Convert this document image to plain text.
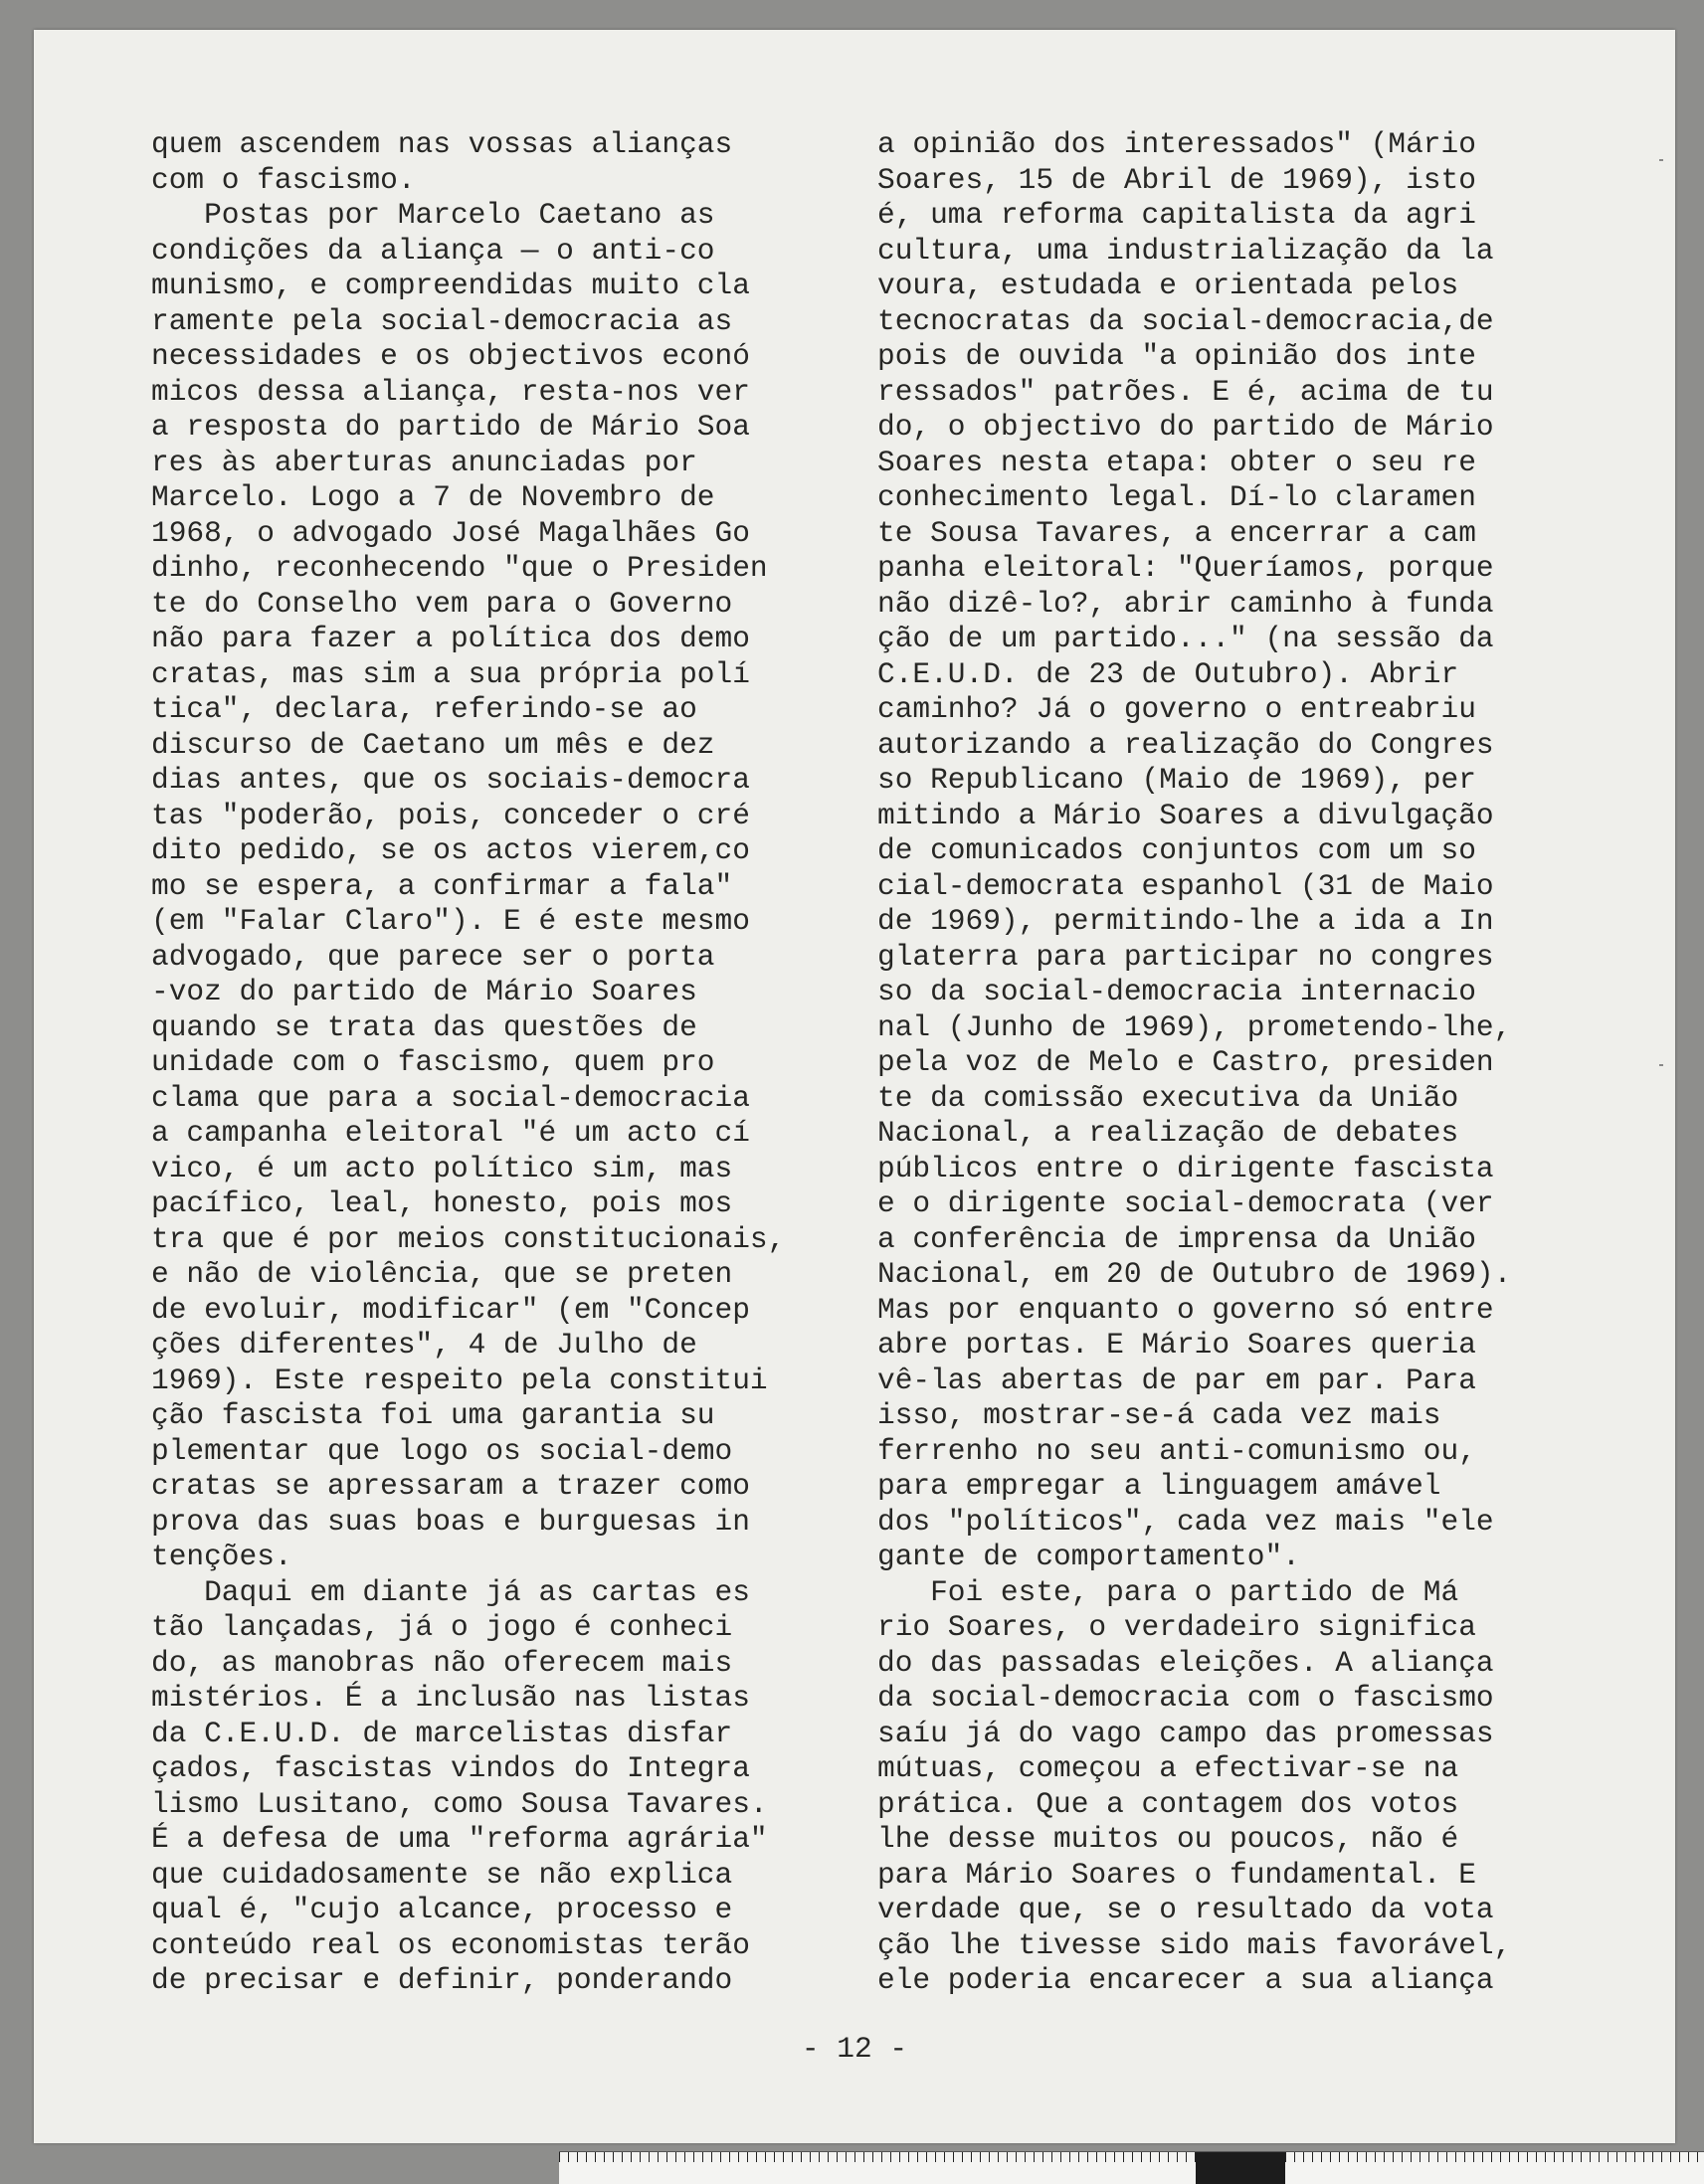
quem ascendem nas vossas alianças
com o fascismo.
Postas por Marcelo Caetano as
condições da aliança — o anti-co
munismo, e compreendidas muito cla
ramente pela social-democracia as
necessidades e os objectivos econó
micos dessa aliança, resta-nos ver
a resposta do partido de Mário Soa
res às aberturas anunciadas por
Marcelo. Logo a 7 de Novembro de
1968, o advogado José Magalhães Go
dinho, reconhecendo "que o Presiden
te do Conselho vem para o Governo
não para fazer a política dos demo
cratas, mas sim a sua própria polí
tica", declara, referindo-se ao
discurso de Caetano um mês e dez
dias antes, que os sociais-democra
tas "poderão, pois, conceder o cré
dito pedido, se os actos vierem,co
mo se espera, a confirmar a fala"
(em "Falar Claro"). E é este mesmo
advogado, que parece ser o porta
-voz do partido de Mário Soares
quando se trata das questões de
unidade com o fascismo, quem pro
clama que para a social-democracia
a campanha eleitoral "é um acto cí
vico, é um acto político sim, mas
pacífico, leal, honesto, pois mos
tra que é por meios constitucionais,
e não de violência, que se preten
de evoluir, modificar" (em "Concep
ções diferentes", 4 de Julho de
1969). Este respeito pela constitui
ção fascista foi uma garantia su
plementar que logo os social-demo
cratas se apressaram a trazer como
prova das suas boas e burguesas in
tenções.
Daqui em diante já as cartas es
tão lançadas, já o jogo é conheci
do, as manobras não oferecem mais
mistérios. É a inclusão nas listas
da C.E.U.D. de marcelistas disfar
çados, fascistas vindos do Integra
lismo Lusitano, como Sousa Tavares.
É a defesa de uma "reforma agrária"
que cuidadosamente se não explica
qual é, "cujo alcance, processo e
conteúdo real os economistas terão
de precisar e definir, ponderando
a opinião dos interessados" (Mário
Soares, 15 de Abril de 1969), isto
é, uma reforma capitalista da agri
cultura, uma industrialização da la
voura, estudada e orientada pelos
tecnocratas da social-democracia,de
pois de ouvida "a opinião dos inte
ressados" patrões. E é, acima de tu
do, o objectivo do partido de Mário
Soares nesta etapa: obter o seu re
conhecimento legal. Dí-lo claramen
te Sousa Tavares, a encerrar a cam
panha eleitoral: "Queríamos, porque
não dizê-lo?, abrir caminho à funda
ção de um partido..." (na sessão da
C.E.U.D. de 23 de Outubro). Abrir
caminho? Já o governo o entreabriu
autorizando a realização do Congres
so Republicano (Maio de 1969), per
mitindo a Mário Soares a divulgação
de comunicados conjuntos com um so
cial-democrata espanhol (31 de Maio
de 1969), permitindo-lhe a ida a In
glaterra para participar no congres
so da social-democracia internacio
nal (Junho de 1969), prometendo-lhe,
pela voz de Melo e Castro, presiden
te da comissão executiva da União
Nacional, a realização de debates
públicos entre o dirigente fascista
e o dirigente social-democrata (ver
a conferência de imprensa da União
Nacional, em 20 de Outubro de 1969).
Mas por enquanto o governo só entre
abre portas. E Mário Soares queria
vê-las abertas de par em par. Para
isso, mostrar-se-á cada vez mais
ferrenho no seu anti-comunismo ou,
para empregar a linguagem amável
dos "políticos", cada vez mais "ele
gante de comportamento".
Foi este, para o partido de Má
rio Soares, o verdadeiro significa
do das passadas eleições. A aliança
da social-democracia com o fascismo
saíu já do vago campo das promessas
mútuas, começou a efectivar-se na
prática. Que a contagem dos votos
lhe desse muitos ou poucos, não é
para Mário Soares o fundamental. E
verdade que, se o resultado da vota
ção lhe tivesse sido mais favorável,
ele poderia encarecer a sua aliança
- 12 -
